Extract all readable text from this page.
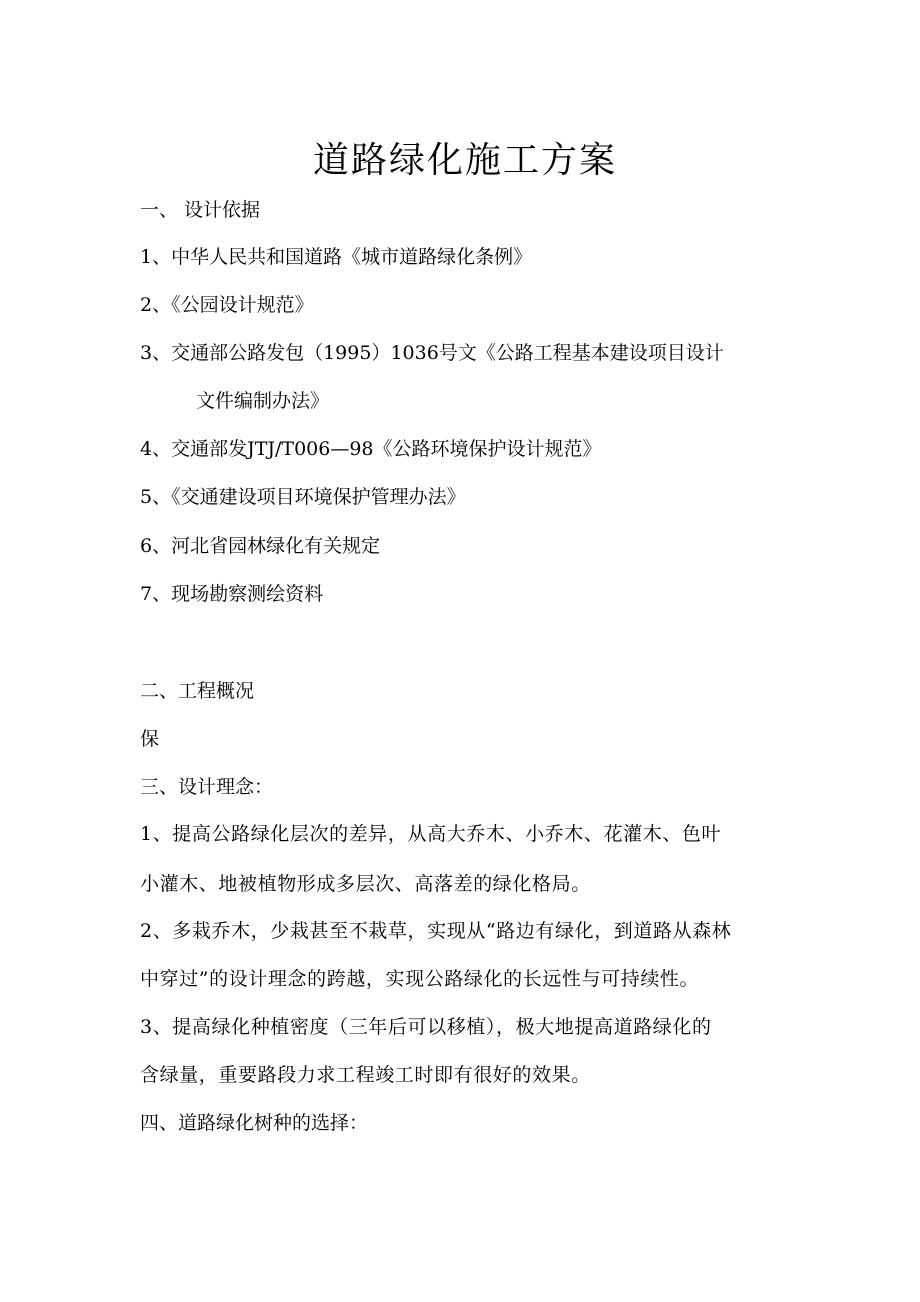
道路绿化施工方案
一、 设计依据
1、中华人民共和国道路《城市道路绿化条例》
2、《公园设计规范》
3、交通部公路发包（1995）1036号文《公路工程基本建设项目设计
文件编制办法》
4、交通部发JTJ/T006—98《公路环境保护设计规范》
5、《交通建设项目环境保护管理办法》
6、河北省园林绿化有关规定
7、现场勘察测绘资料
二、工程概况
保
三、设计理念：
1、提高公路绿化层次的差异，从高大乔木、小乔木、花灌木、色叶
小灌木、地被植物形成多层次、高落差的绿化格局。
2、多栽乔木，少栽甚至不栽草，实现从“路边有绿化，到道路从森林
中穿过”的设计理念的跨越，实现公路绿化的长远性与可持续性。
3、提高绿化种植密度（三年后可以移植），极大地提高道路绿化的
含绿量，重要路段力求工程竣工时即有很好的效果。
四、道路绿化树种的选择：
